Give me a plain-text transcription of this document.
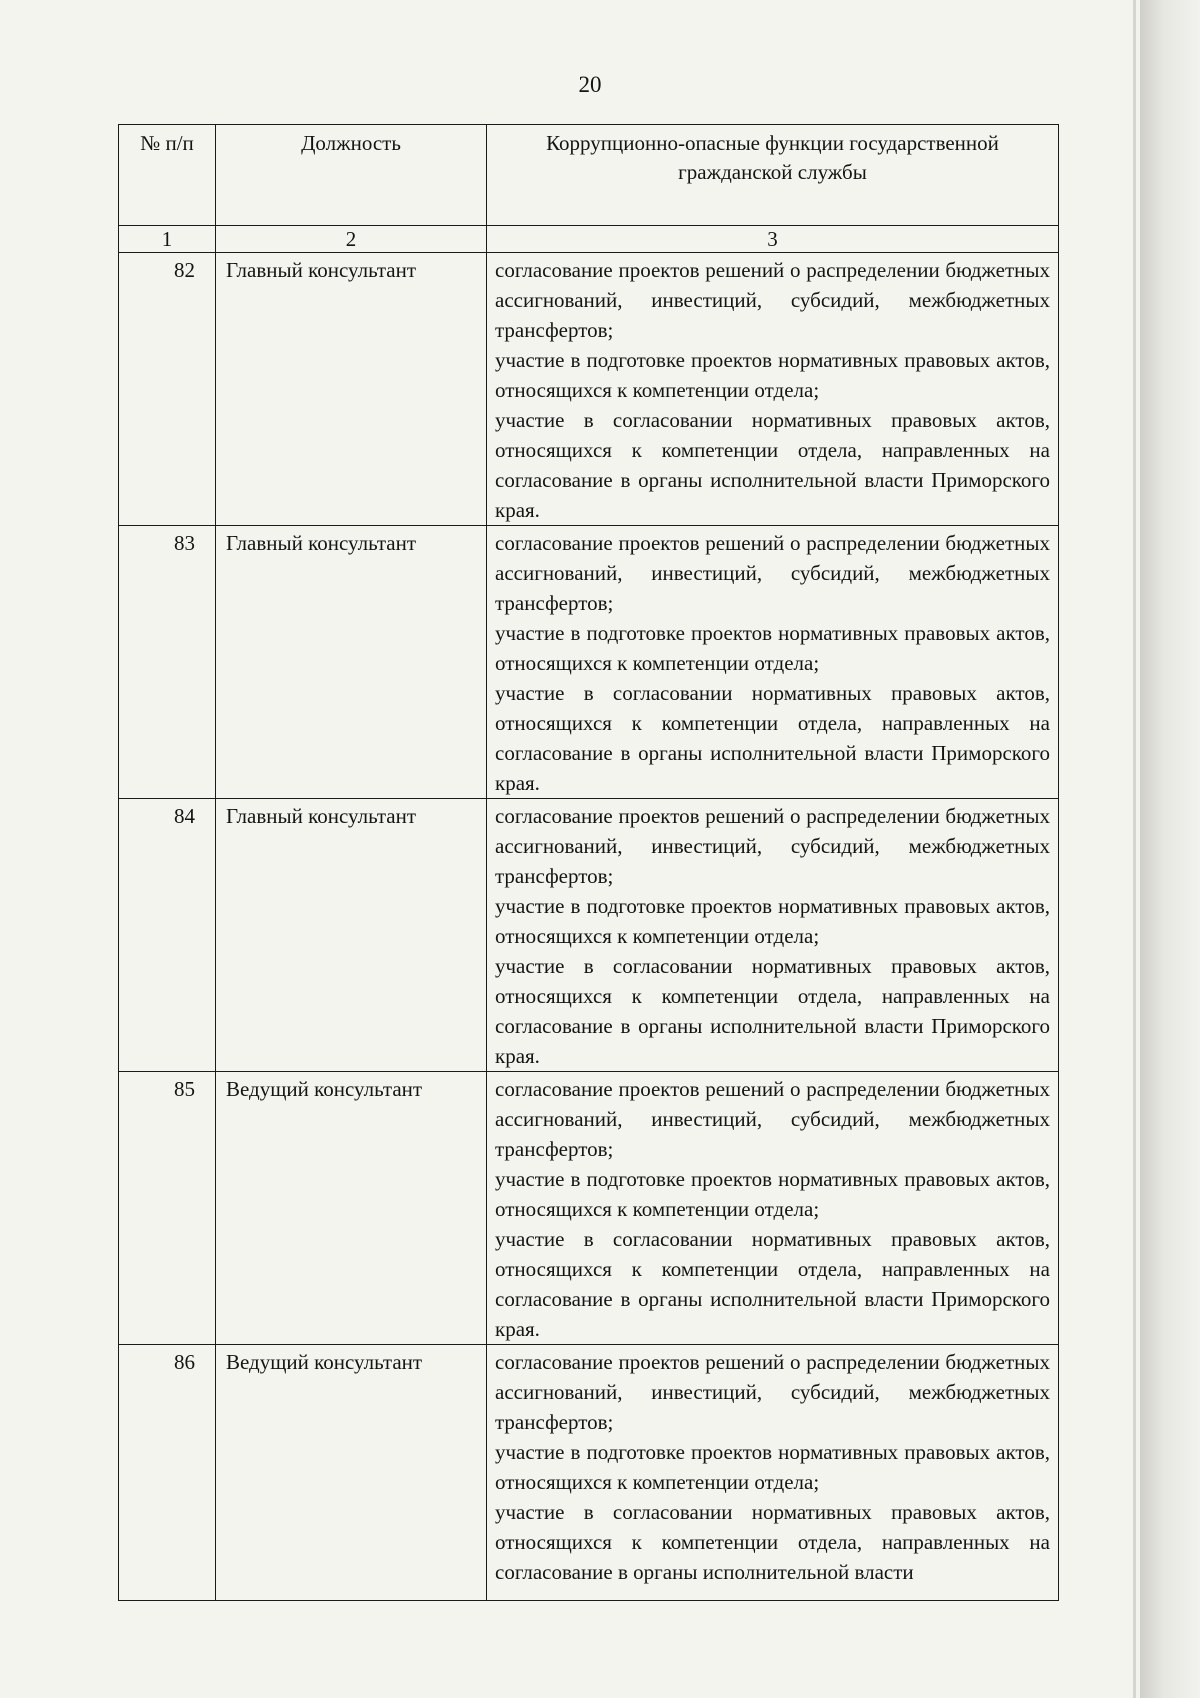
20
№ п/п	Должность	Коррупционно-опасные функции государственной гражданской службы
1	2	3
82	Главный консультант	согласование проектов решений о распределении бюджетных ассигнований, инвестиций, субсидий, межбюджетных трансфертов;
участие в подготовке проектов нормативных правовых актов, относящихся к компетенции отдела;
участие в согласовании нормативных правовых актов, относящихся к компетенции отдела, направленных на согласование в органы исполнительной власти Приморского края.

83	Главный консультант	согласование проектов решений о распределении бюджетных ассигнований, инвестиций, субсидий, межбюджетных трансфертов;
участие в подготовке проектов нормативных правовых актов, относящихся к компетенции отдела;
участие в согласовании нормативных правовых актов, относящихся к компетенции отдела, направленных на согласование в органы исполнительной власти Приморского края.

84	Главный консультант	согласование проектов решений о распределении бюджетных ассигнований, инвестиций, субсидий, межбюджетных трансфертов;
участие в подготовке проектов нормативных правовых актов, относящихся к компетенции отдела;
участие в согласовании нормативных правовых актов, относящихся к компетенции отдела, направленных на согласование в органы исполнительной власти Приморского края.

85	Ведущий консультант	согласование проектов решений о распределении бюджетных ассигнований, инвестиций, субсидий, межбюджетных трансфертов;
участие в подготовке проектов нормативных правовых актов, относящихся к компетенции отдела;
участие в согласовании нормативных правовых актов, относящихся к компетенции отдела, направленных на согласование в органы исполнительной власти Приморского края.

86	Ведущий консультант	согласование проектов решений о распределении бюджетных ассигнований, инвестиций, субсидий, межбюджетных трансфертов;
участие в подготовке проектов нормативных правовых актов, относящихся к компетенции отдела;
участие в согласовании нормативных правовых актов, относящихся к компетенции отдела, направленных на согласование в органы исполнительной власти
